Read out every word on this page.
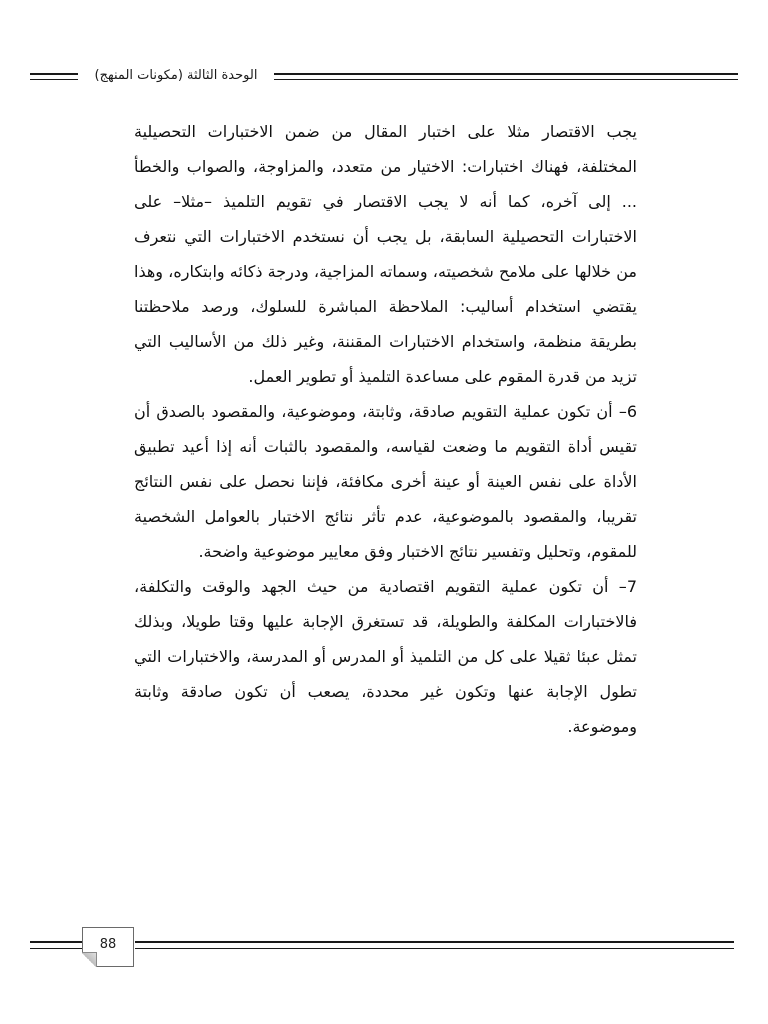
الوحدة الثالثة (مكونات المنهج)

يجب الاقتصار مثلا على اختبار المقال من ضمن الاختبارات التحصيلية المختلفة، فهناك اختبارات: الاختيار من متعدد، والمزاوجة، والصواب والخطأ ... إلى آخره، كما أنه لا يجب الاقتصار في تقويم التلميذ –مثلا– على الاختبارات التحصيلية السابقة، بل يجب أن نستخدم الاختبارات التي نتعرف من خلالها على ملامح شخصيته، وسماته المزاجية، ودرجة ذكائه وابتكاره، وهذا يقتضي استخدام أساليب: الملاحظة المباشرة للسلوك، ورصد ملاحظتنا بطريقة منظمة، واستخدام الاختبارات المقننة، وغير ذلك من الأساليب التي تزيد من قدرة المقوم على مساعدة التلميذ أو تطوير العمل.

6– أن تكون عملية التقويم صادقة، وثابتة، وموضوعية، والمقصود بالصدق أن تقيس أداة التقويم ما وضعت لقياسه، والمقصود بالثبات أنه إذا أعيد تطبيق الأداة على نفس العينة أو عينة أخرى مكافئة، فإننا نحصل على نفس النتائج تقريبا، والمقصود بالموضوعية، عدم تأثر نتائج الاختبار بالعوامل الشخصية للمقوم، وتحليل وتفسير نتائج الاختبار وفق معايير موضوعية واضحة.

7– أن تكون عملية التقويم اقتصادية من حيث الجهد والوقت والتكلفة، فالاختبارات المكلفة والطويلة، قد تستغرق الإجابة عليها وقتا طويلا، وبذلك تمثل عبئا ثقيلا على كل من التلميذ أو المدرس أو المدرسة، والاختبارات التي تطول الإجابة عنها وتكون غير محددة، يصعب أن تكون صادقة وثابتة وموضوعة.

88
